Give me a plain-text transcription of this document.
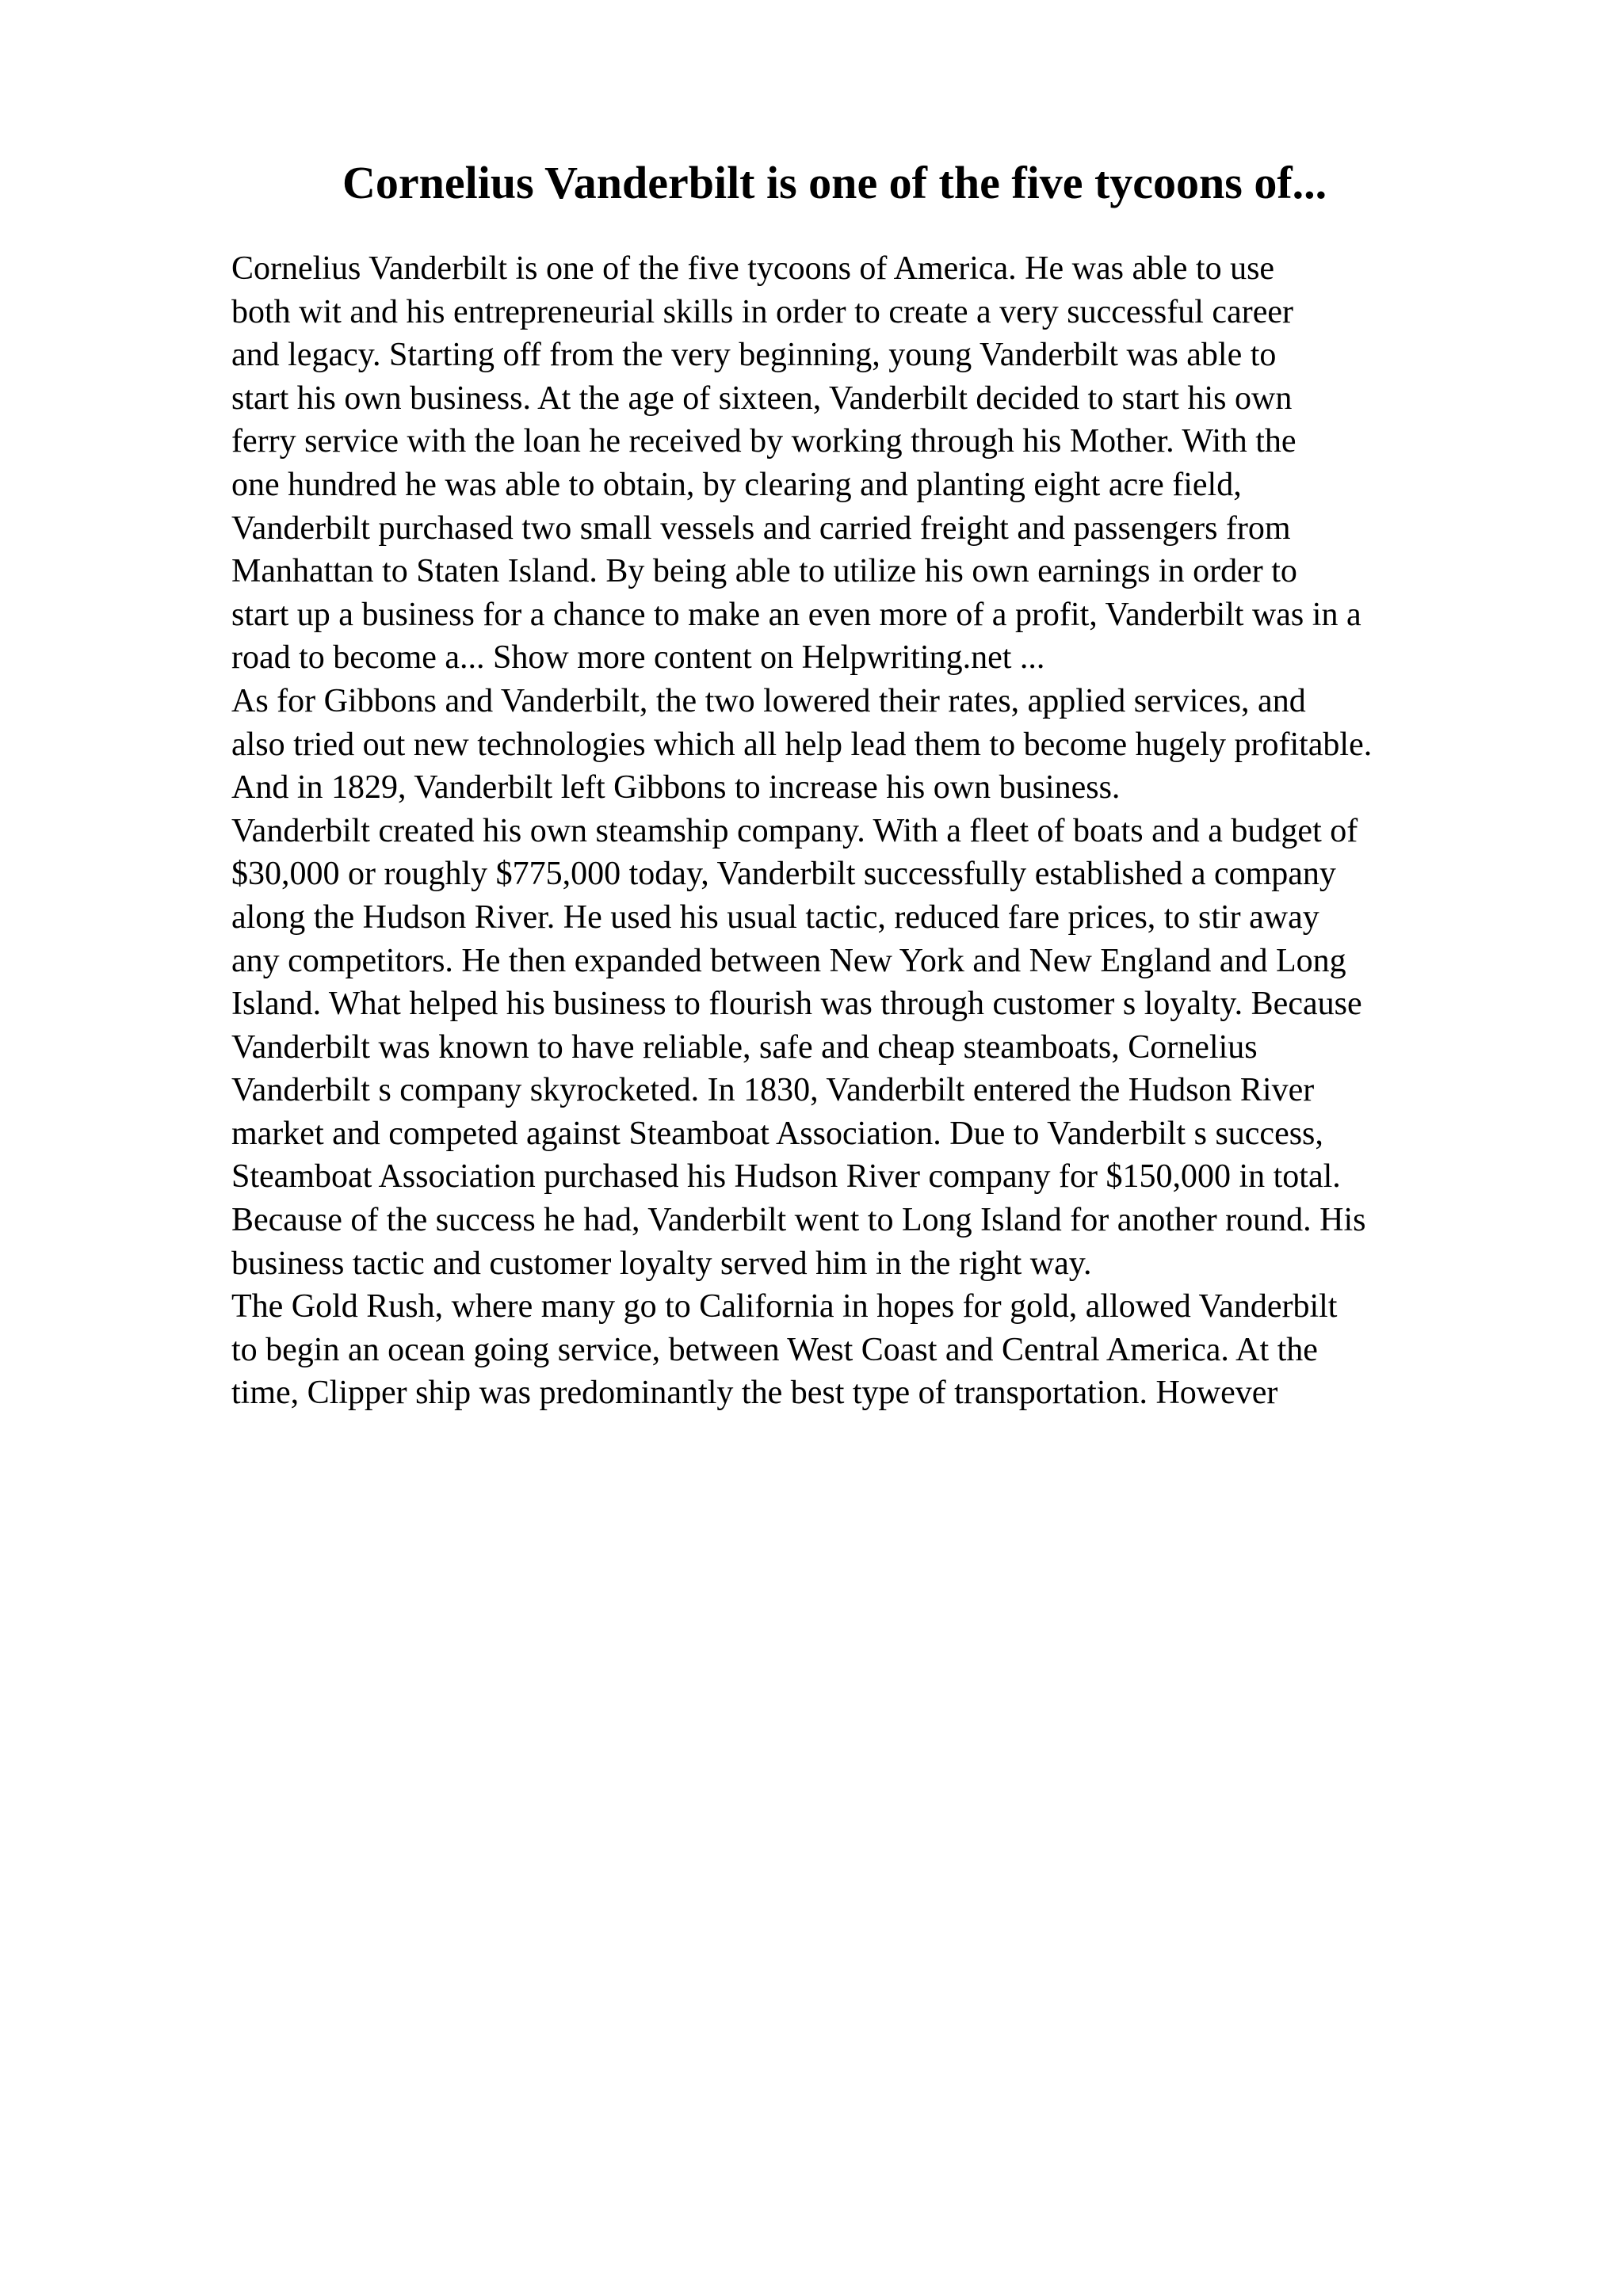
Cornelius Vanderbilt is one of the five tycoons of...
Cornelius Vanderbilt is one of the five tycoons of America. He was able to use
both wit and his entrepreneurial skills in order to create a very successful career
and legacy. Starting off from the very beginning, young Vanderbilt was able to
start his own business. At the age of sixteen, Vanderbilt decided to start his own
ferry service with the loan he received by working through his Mother. With the
one hundred he was able to obtain, by clearing and planting eight acre field,
Vanderbilt purchased two small vessels and carried freight and passengers from
Manhattan to Staten Island. By being able to utilize his own earnings in order to
start up a business for a chance to make an even more of a profit, Vanderbilt was in a
road to become a... Show more content on Helpwriting.net ...
As for Gibbons and Vanderbilt, the two lowered their rates, applied services, and
also tried out new technologies which all help lead them to become hugely profitable.
And in 1829, Vanderbilt left Gibbons to increase his own business.
Vanderbilt created his own steamship company. With a fleet of boats and a budget of
$30,000 or roughly $775,000 today, Vanderbilt successfully established a company
along the Hudson River. He used his usual tactic, reduced fare prices, to stir away
any competitors. He then expanded between New York and New England and Long
Island. What helped his business to flourish was through customer s loyalty. Because
Vanderbilt was known to have reliable, safe and cheap steamboats, Cornelius
Vanderbilt s company skyrocketed. In 1830, Vanderbilt entered the Hudson River
market and competed against Steamboat Association. Due to Vanderbilt s success,
Steamboat Association purchased his Hudson River company for $150,000 in total.
Because of the success he had, Vanderbilt went to Long Island for another round. His
business tactic and customer loyalty served him in the right way.
The Gold Rush, where many go to California in hopes for gold, allowed Vanderbilt
to begin an ocean going service, between West Coast and Central America. At the
time, Clipper ship was predominantly the best type of transportation. However
